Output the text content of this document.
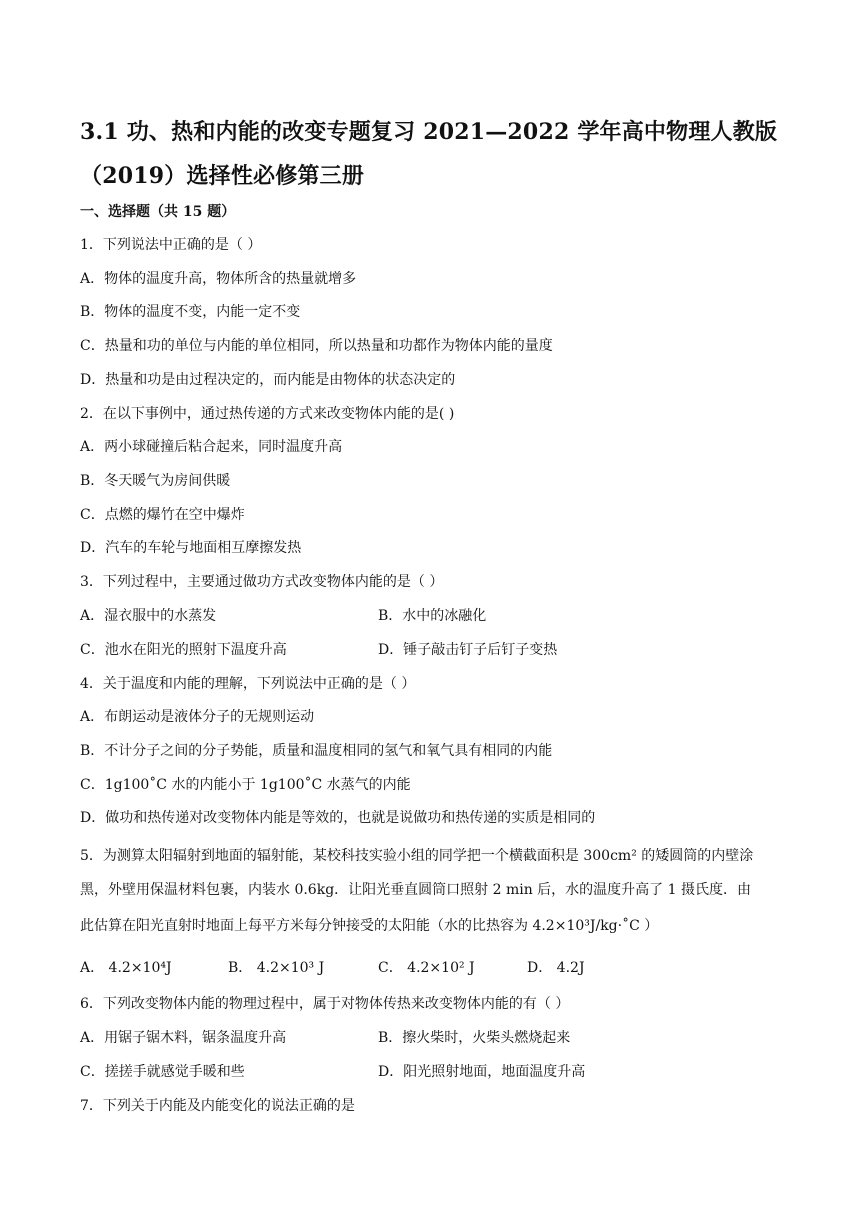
3.1 功、热和内能的改变专题复习 2021—2022 学年高中物理人教版
（2019）选择性必修第三册
一、选择题（共 15 题）
1．下列说法中正确的是（ ）
A．物体的温度升高，物体所含的热量就增多
B．物体的温度不变，内能一定不变
C．热量和功的单位与内能的单位相同，所以热量和功都作为物体内能的量度
D．热量和功是由过程决定的，而内能是由物体的状态决定的
2．在以下事例中，通过热传递的方式来改变物体内能的是( )
A．两小球碰撞后粘合起来，同时温度升高
B．冬天暖气为房间供暖
C．点燃的爆竹在空中爆炸
D．汽车的车轮与地面相互摩擦发热
3．下列过程中，主要通过做功方式改变物体内能的是（ ）
A．湿衣服中的水蒸发	B．水中的冰融化
C．池水在阳光的照射下温度升高	D．锤子敲击钉子后钉子变热
4．关于温度和内能的理解，下列说法中正确的是（ ）
A．布朗运动是液体分子的无规则运动
B．不计分子之间的分子势能，质量和温度相同的氢气和氧气具有相同的内能
C．1g100˚C 水的内能小于 1g100˚C 水蒸气的内能
D．做功和热传递对改变物体内能是等效的，也就是说做功和热传递的实质是相同的
5．为测算太阳辐射到地面的辐射能，某校科技实验小组的同学把一个横截面积是 300cm² 的矮圆筒的内壁涂
黑，外壁用保温材料包裹，内装水 0.6kg．让阳光垂直圆筒口照射 2 min 后，水的温度升高了 1 摄氏度．由
此估算在阳光直射时地面上每平方米每分钟接受的太阳能（水的比热容为 4.2×10³J/kg·˚C ）
A． 4.2×10⁴J	B． 4.2×10³ J	C． 4.2×10² J	D． 4.2J
6．下列改变物体内能的物理过程中，属于对物体传热来改变物体内能的有（ ）
A．用锯子锯木料，锯条温度升高	B．擦火柴时，火柴头燃烧起来
C．搓搓手就感觉手暖和些	D．阳光照射地面，地面温度升高
7．下列关于内能及内能变化的说法正确的是
